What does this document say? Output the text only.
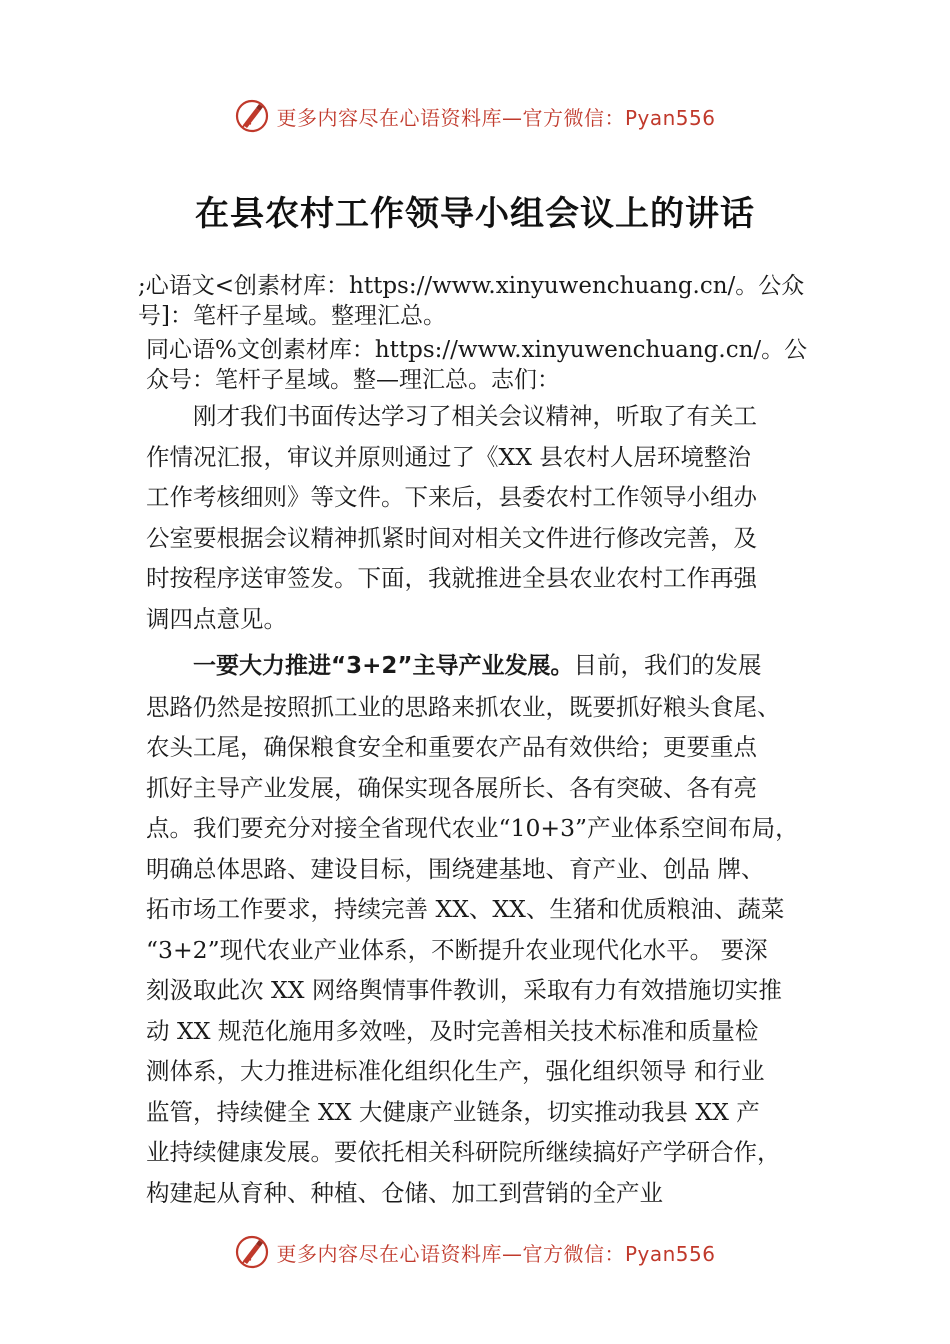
更多内容尽在心语资料库—官方微信：Pyan556
在县农村工作领导小组会议上的讲话
;心语文<创素材库：https://www.xinyuwenchuang.cn/。公众
号]：笔杆子星域。整理汇总。
同心语%文创素材库：https://www.xinyuwenchuang.cn/。公
众号：笔杆子星域。整—理汇总。志们：
刚才我们书面传达学习了相关会议精神，听取了有关工
作情况汇报，审议并原则通过了《XX 县农村人居环境整治
工作考核细则》等文件。下来后，县委农村工作领导小组办
公室要根据会议精神抓紧时间对相关文件进行修改完善，及
时按程序送审签发。下面，我就推进全县农业农村工作再强
调四点意见。
一要大力推进“3+2”主导产业发展。目前，我们的发展
思路仍然是按照抓工业的思路来抓农业，既要抓好粮头食尾、
农头工尾，确保粮食安全和重要农产品有效供给；更要重点
抓好主导产业发展，确保实现各展所长、各有突破、各有亮
点。我们要充分对接全省现代农业“10+3”产业体系空间布局，
明确总体思路、建设目标，围绕建基地、育产业、创品 牌、
拓市场工作要求，持续完善 XX、XX、生猪和优质粮油、蔬菜
“3+2”现代农业产业体系，不断提升农业现代化水平。 要深
刻汲取此次 XX 网络舆情事件教训，采取有力有效措施切实推
动 XX 规范化施用多效唑，及时完善相关技术标准和质量检
测体系，大力推进标准化组织化生产，强化组织领导 和行业
监管，持续健全 XX 大健康产业链条，切实推动我县 XX 产
业持续健康发展。要依托相关科研院所继续搞好产学研合作，
构建起从育种、种植、仓储、加工到营销的全产业
更多内容尽在心语资料库—官方微信：Pyan556
